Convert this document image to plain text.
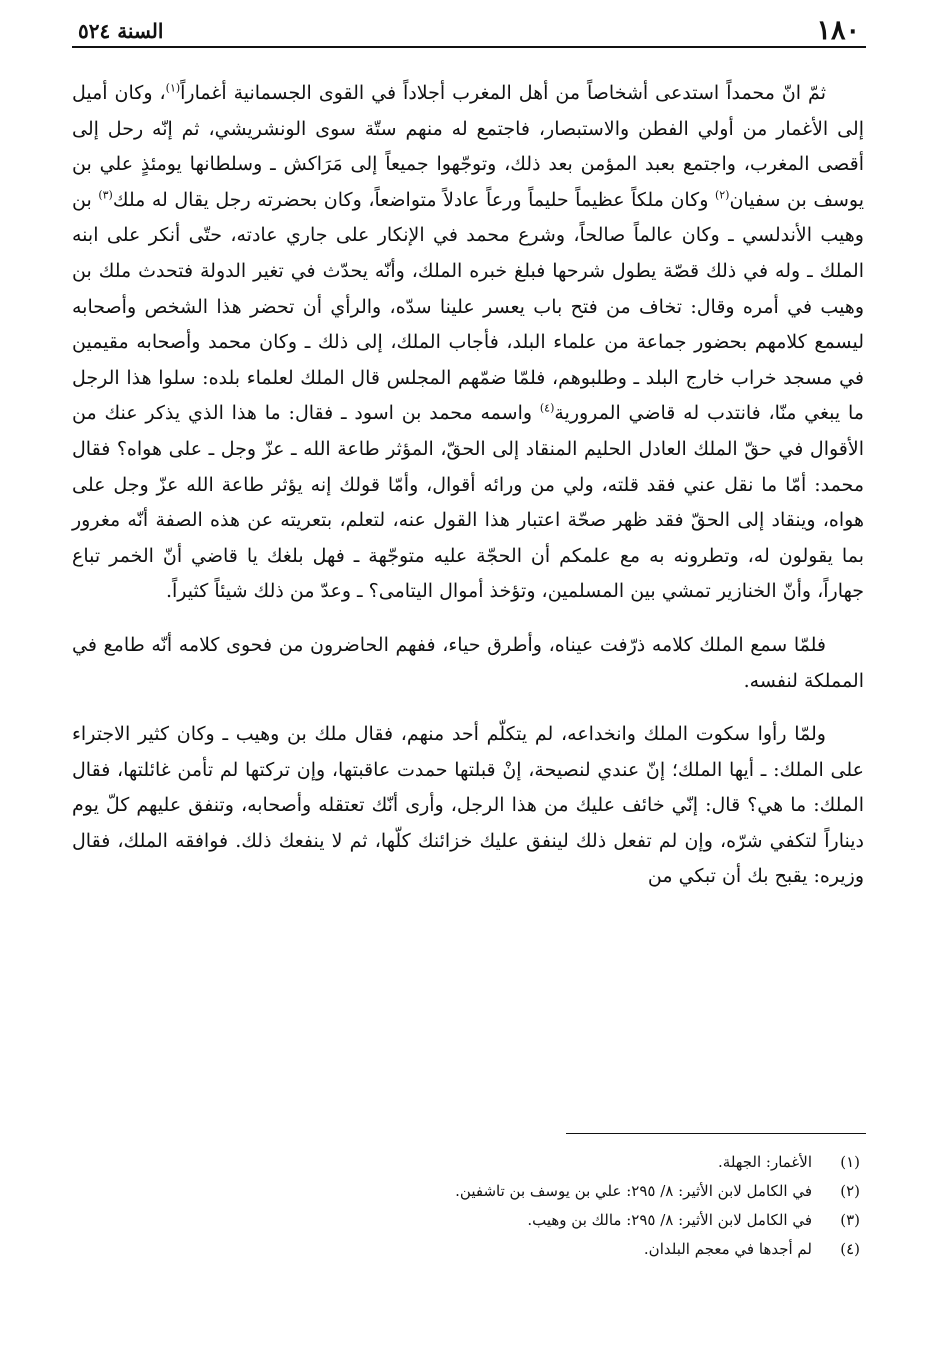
١٨٠
السنة ٥٢٤

ثمّ انّ محمداً استدعى أشخاصاً من أهل المغرب أجلاداً في القوى الجسمانية أغماراً$^{(١)}$، وكان أميل إلى الأغمار من أولي الفطن والاستبصار، فاجتمع له منهم ستّة سوى الونشريشي، ثم إنّه رحل إلى أقصى المغرب، واجتمع بعبد المؤمن بعد ذلك، وتوجّهوا جميعاً إلى مَرَاكش ـ وسلطانها يومئذٍ علي بن يوسف بن سفيان$^{(٢)}$ وكان ملكاً عظيماً حليماً ورعاً عادلاً متواضعاً، وكان بحضرته رجل يقال له ملك$^{(٣)}$ بن وهيب الأندلسي ـ وكان عالماً صالحاً، وشرع محمد في الإنكار على جاري عادته، حتّى أنكر على ابنه الملك ـ وله في ذلك قصّة يطول شرحها فبلغ خبره الملك، وأنّه يحدّث في تغير الدولة فتحدث ملك بن وهيب في أمره وقال: تخاف من فتح باب يعسر علينا سدّه، والرأي أن تحضر هذا الشخص وأصحابه ليسمع كلامهم بحضور جماعة من علماء البلد، فأجاب الملك، إلى ذلك ـ وكان محمد وأصحابه مقيمين في مسجد خراب خارج البلد ـ وطلبوهم، فلمّا ضمّهم المجلس قال الملك لعلماء بلده: سلوا هذا الرجل ما يبغي منّا، فانتدب له قاضي المرورية$^{(٤)}$ واسمه محمد بن اسود ـ فقال: ما هذا الذي يذكر عنك من الأقوال في حقّ الملك العادل الحليم المنقاد إلى الحقّ، المؤثر طاعة الله ـ عزّ وجل ـ على هواه؟ فقال محمد: أمّا ما نقل عني فقد قلته، ولي من ورائه أقوال، وأمّا قولك إنه يؤثر طاعة الله عزّ وجل على هواه، وينقاد إلى الحقّ فقد ظهر صحّة اعتبار هذا القول عنه، لتعلم، بتعريته عن هذه الصفة أنّه مغرور بما يقولون له، وتطرونه به مع علمكم أن الحجّة عليه متوجّهة ـ فهل بلغك يا قاضي أنّ الخمر تباع جهاراً، وأنّ الخنازير تمشي بين المسلمين، وتؤخذ أموال اليتامى؟ ـ وعدّ من ذلك شيئاً كثيراً.

فلمّا سمع الملك كلامه ذرّفت عيناه، وأطرق حياء، ففهم الحاضرون من فحوى كلامه أنّه طامع في المملكة لنفسه.

ولمّا رأوا سكوت الملك وانخداعه، لم يتكلّم أحد منهم، فقال ملك بن وهيب ـ وكان كثير الاجتراء على الملك: ـ أيها الملك؛ إنّ عندي لنصيحة، إنْ قبلتها حمدت عاقبتها، وإن تركتها لم تأمن غائلتها، فقال الملك: ما هي؟ قال: إنّي خائف عليك من هذا الرجل، وأرى أنّك تعتقله وأصحابه، وتنفق عليهم كلّ يوم ديناراً لتكفي شرّه، وإن لم تفعل ذلك لينفق عليك خزائنك كلّها، ثم لا ينفعك ذلك. فوافقه الملك، فقال وزيره: يقبح بك أن تبكي من

(١)
الأغمار: الجهلة.
(٢)
في الكامل لابن الأثير: ٨/ ٢٩٥: علي بن يوسف بن تاشفين.
(٣)
في الكامل لابن الأثير: ٨/ ٢٩٥: مالك بن وهيب.
(٤)
لم أجدها في معجم البلدان.
